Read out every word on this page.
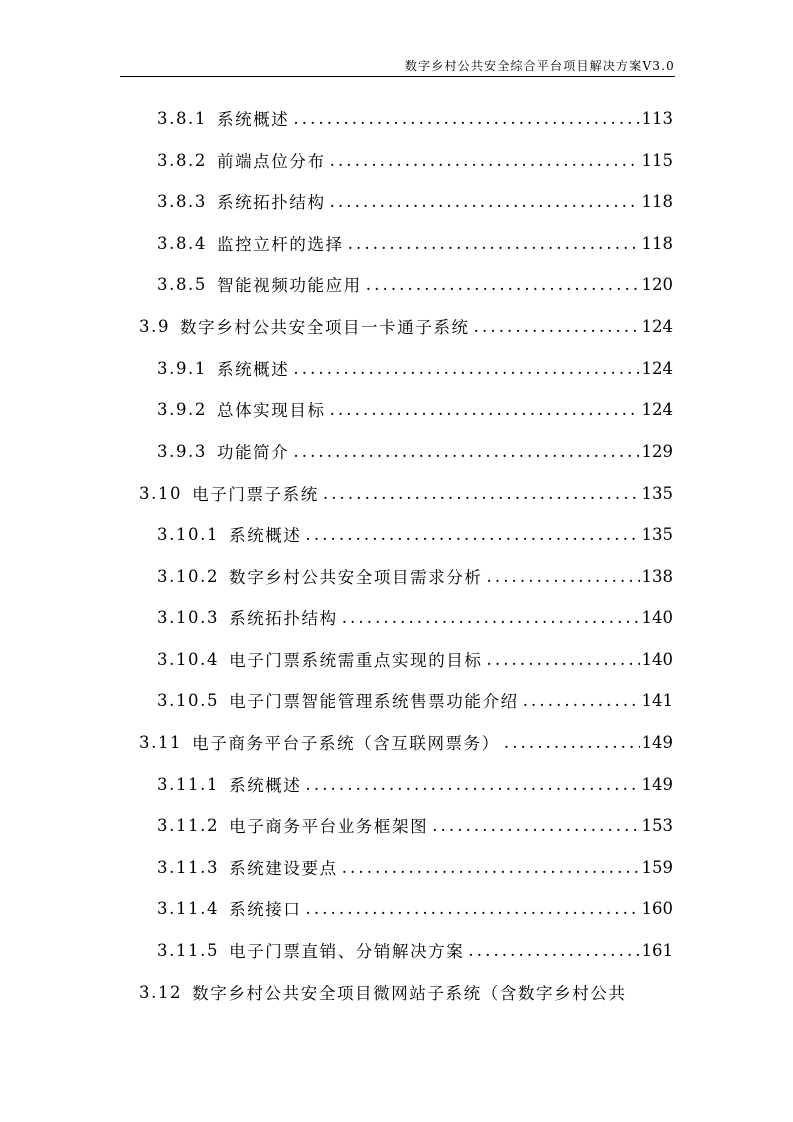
数字乡村公共安全综合平台项目解决方案V3.0
3.8.1 系统概述 .....	113
3.8.2 前端点位分布 .....	115
3.8.3 系统拓扑结构 .....	118
3.8.4 监控立杆的选择 .....	118
3.8.5 智能视频功能应用 .....	120
3.9 数字乡村公共安全项目一卡通子系统 .....	124
3.9.1 系统概述 .....	124
3.9.2 总体实现目标 .....	124
3.9.3 功能简介 .....	129
3.10 电子门票子系统 .....	135
3.10.1 系统概述 .....	135
3.10.2 数字乡村公共安全项目需求分析 .....	138
3.10.3 系统拓扑结构 .....	140
3.10.4 电子门票系统需重点实现的目标 .....	140
3.10.5 电子门票智能管理系统售票功能介绍 .....	141
3.11 电子商务平台子系统（含互联网票务） .....	149
3.11.1 系统概述 .....	149
3.11.2 电子商务平台业务框架图 .....	153
3.11.3 系统建设要点 .....	159
3.11.4 系统接口 .....	160
3.11.5 电子门票直销、分销解决方案 .....	161
3.12 数字乡村公共安全项目微网站子系统（含数字乡村公共
